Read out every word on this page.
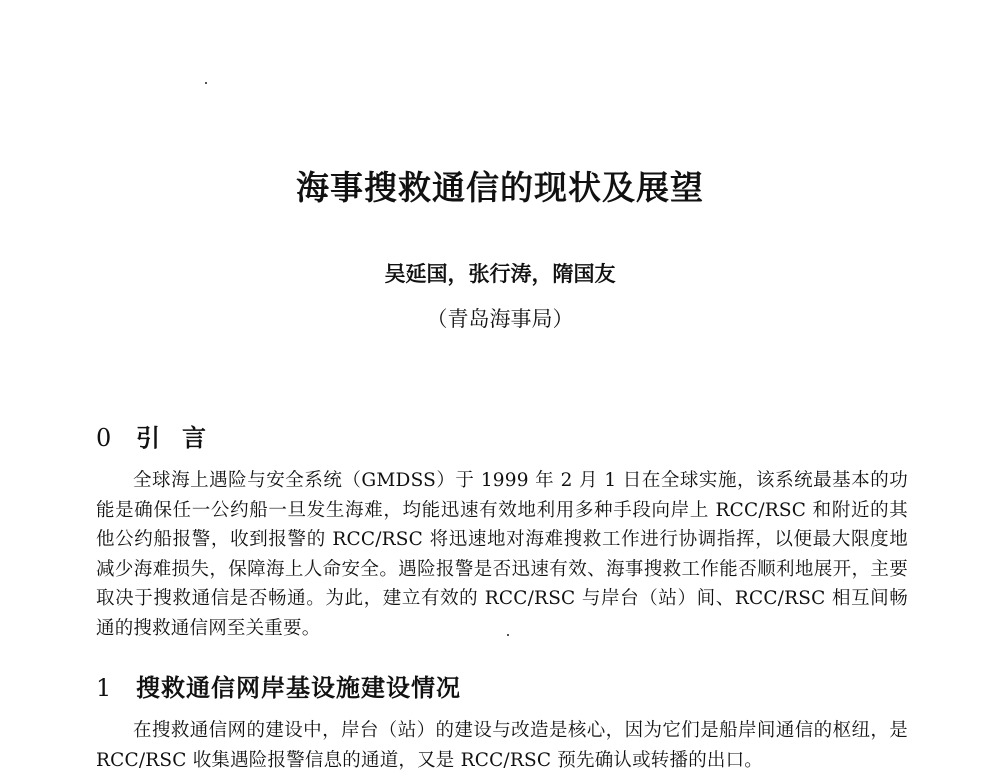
海事搜救通信的现状及展望
吴延国，张行涛，隋国友
（青岛海事局）
0 引言
全球海上遇险与安全系统（GMDSS）于 1999 年 2 月 1 日在全球实施，该系统最基本的功能是确保任一公约船一旦发生海难，均能迅速有效地利用多种手段向岸上 RCC/RSC 和附近的其他公约船报警，收到报警的 RCC/RSC 将迅速地对海难搜救工作进行协调指挥，以便最大限度地减少海难损失，保障海上人命安全。遇险报警是否迅速有效、海事搜救工作能否顺利地展开，主要取决于搜救通信是否畅通。为此，建立有效的 RCC/RSC 与岸台（站）间、RCC/RSC 相互间畅通的搜救通信网至关重要。
1 搜救通信网岸基设施建设情况
在搜救通信网的建设中，岸台（站）的建设与改造是核心，因为它们是船岸间通信的枢纽，是 RCC/RSC 收集遇险报警信息的通道，又是 RCC/RSC 预先确认或转播的出口。
